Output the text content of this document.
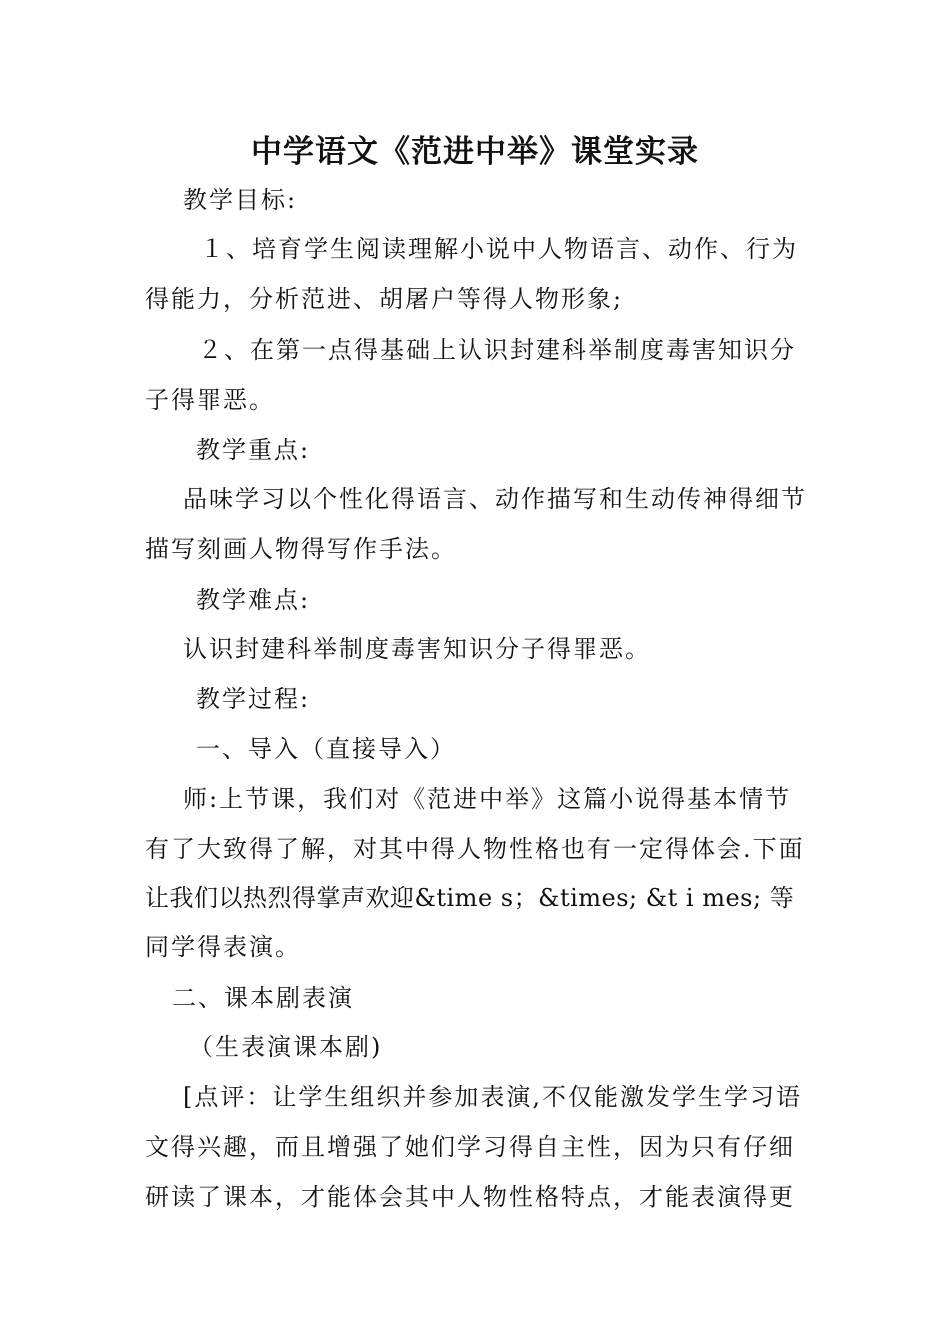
中学语文《范进中举》课堂实录
教学目标:
１、培育学生阅读理解小说中人物语言、动作、行为
得能力，分析范进、胡屠户等得人物形象;
２、在第一点得基础上认识封建科举制度毒害知识分
子得罪恶。
教学重点:
品味学习以个性化得语言、动作描写和生动传神得细节
描写刻画人物得写作手法。
教学难点:
认识封建科举制度毒害知识分子得罪恶。
教学过程:
一、导入（直接导入）
师:上节课，我们对《范进中举》这篇小说得基本情节
有了大致得了解，对其中得人物性格也有一定得体会.下面
让我们以热烈得掌声欢迎&time s；&times; &t i mes; 等
同学得表演。
二、课本剧表演
（生表演课本剧)
[点评：让学生组织并参加表演,不仅能激发学生学习语
文得兴趣，而且增强了她们学习得自主性，因为只有仔细
研读了课本，才能体会其中人物性格特点，才能表演得更
